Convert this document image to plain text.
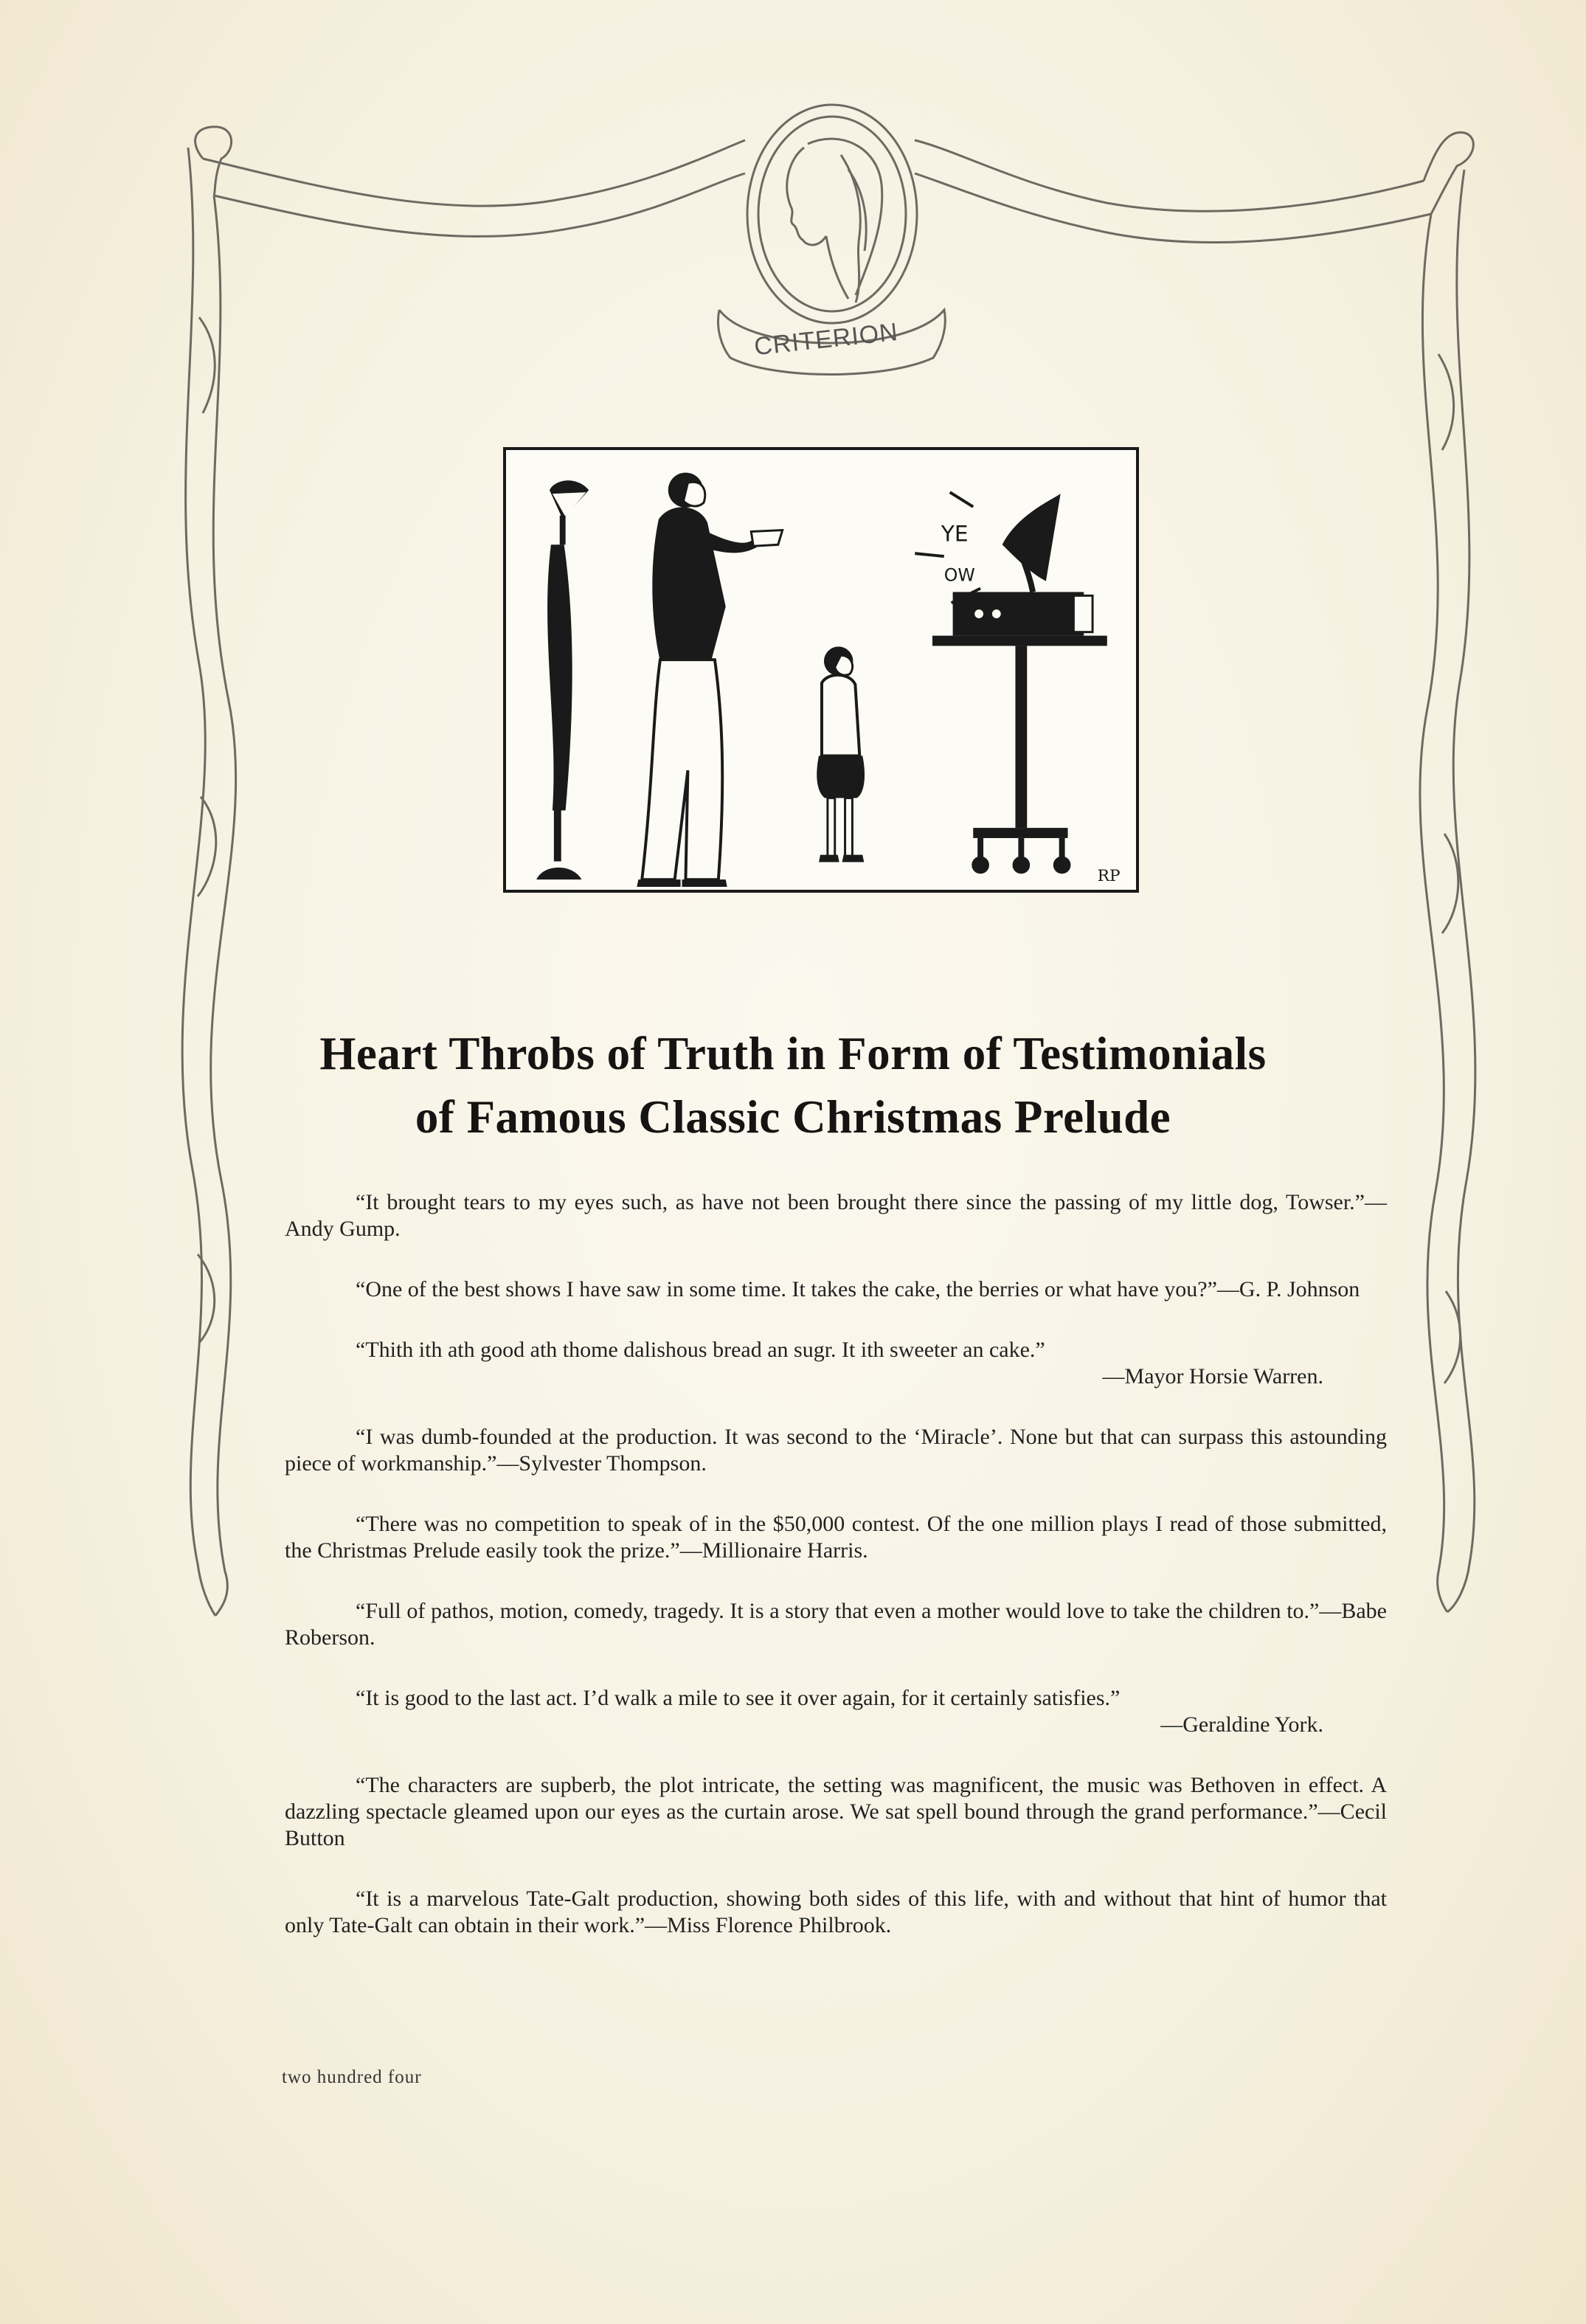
CRITERION
YE
OW
RP
Heart Throbs of Truth in Form of Testimonials
of Famous Classic Christmas Prelude
“It brought tears to my eyes such, as have not been brought there since the passing of my little dog, Towser.”—Andy Gump.
“One of the best shows I have saw in some time. It takes the cake, the berries or what have you?”—G. P. Johnson
“Thith ith ath good ath thome dalishous bread an sugr. It ith sweeter an cake.”
—Mayor Horsie Warren.
“I was dumb-founded at the production. It was second to the ‘Miracle’. None but that can surpass this astounding piece of workmanship.”—Sylvester Thompson.
“There was no competition to speak of in the $50,000 contest. Of the one million plays I read of those submitted, the Christmas Prelude easily took the prize.”—Millionaire Harris.
“Full of pathos, motion, comedy, tragedy. It is a story that even a mother would love to take the children to.”—Babe Roberson.
“It is good to the last act. I’d walk a mile to see it over again, for it certainly satisfies.”
—Geraldine York.
“The characters are supberb, the plot intricate, the setting was magnificent, the music was Bethoven in effect. A dazzling spectacle gleamed upon our eyes as the curtain arose. We sat spell bound through the grand performance.”—Cecil Button
“It is a marvelous Tate-Galt production, showing both sides of this life, with and without that hint of humor that only Tate-Galt can obtain in their work.”—Miss Florence Philbrook.
two hundred four
